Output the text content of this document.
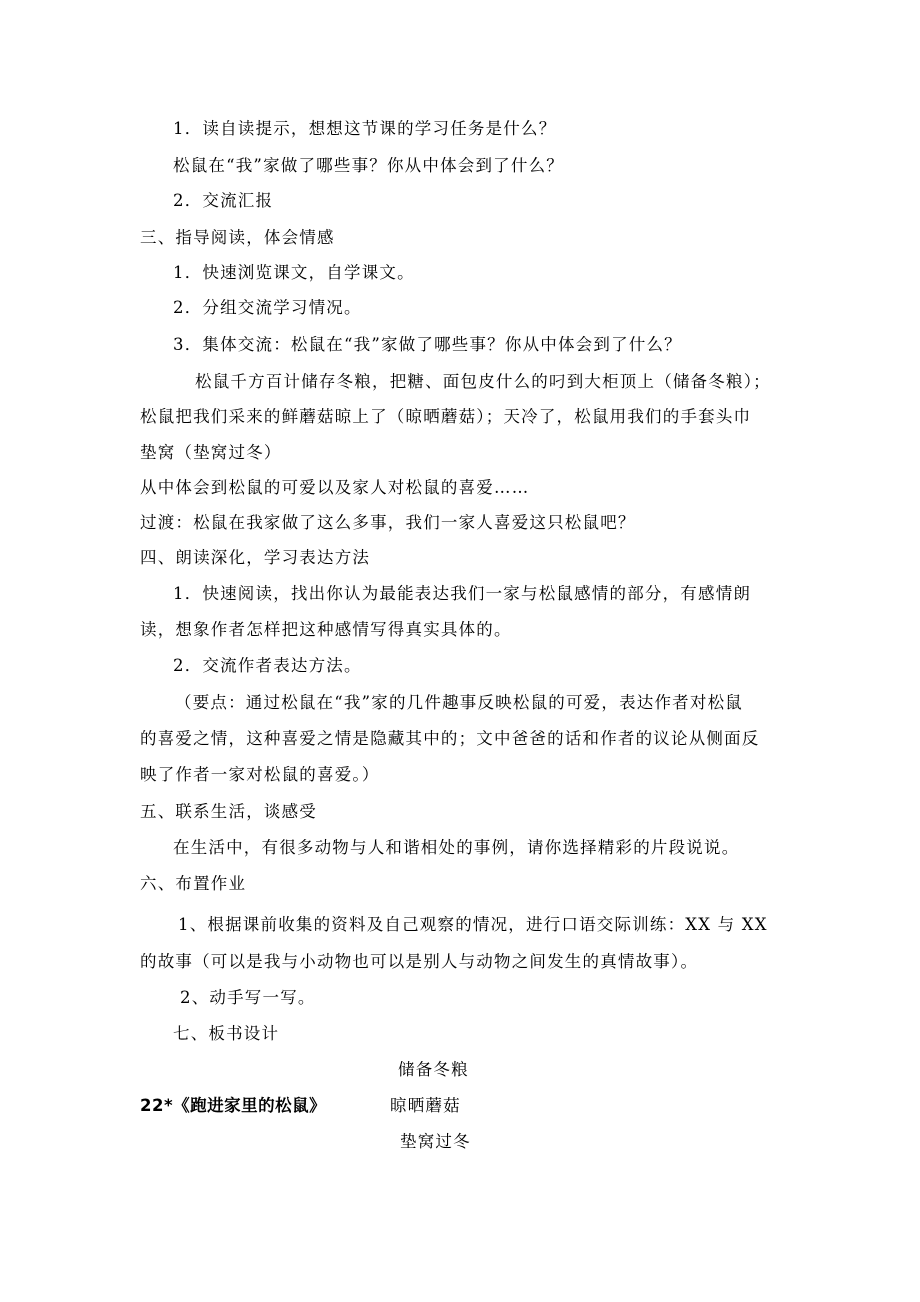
1．读自读提示，想想这节课的学习任务是什么？
松鼠在“我”家做了哪些事？你从中体会到了什么？
2．交流汇报
三、指导阅读，体会情感
1．快速浏览课文，自学课文。
2．分组交流学习情况。
3．集体交流：松鼠在“我”家做了哪些事？你从中体会到了什么？
松鼠千方百计储存冬粮，把糖、面包皮什么的叼到大柜顶上（储备冬粮）；
松鼠把我们采来的鲜蘑菇晾上了（晾晒蘑菇）；天冷了，松鼠用我们的手套头巾
垫窝（垫窝过冬）
从中体会到松鼠的可爱以及家人对松鼠的喜爱……
过渡：松鼠在我家做了这么多事，我们一家人喜爱这只松鼠吧？
四、朗读深化，学习表达方法
1．快速阅读，找出你认为最能表达我们一家与松鼠感情的部分，有感情朗
读，想象作者怎样把这种感情写得真实具体的。
2．交流作者表达方法。
（要点：通过松鼠在“我”家的几件趣事反映松鼠的可爱，表达作者对松鼠
的喜爱之情，这种喜爱之情是隐藏其中的；文中爸爸的话和作者的议论从侧面反
映了作者一家对松鼠的喜爱。）
五、联系生活，谈感受
在生活中，有很多动物与人和谐相处的事例，请你选择精彩的片段说说。
六、布置作业
1、根据课前收集的资料及自己观察的情况，进行口语交际训练：XX 与 XX
的故事（可以是我与小动物也可以是别人与动物之间发生的真情故事）。
2、动手写一写。
七、板书设计
储备冬粮
22*《跑进家里的松鼠》	晾晒蘑菇
垫窝过冬
